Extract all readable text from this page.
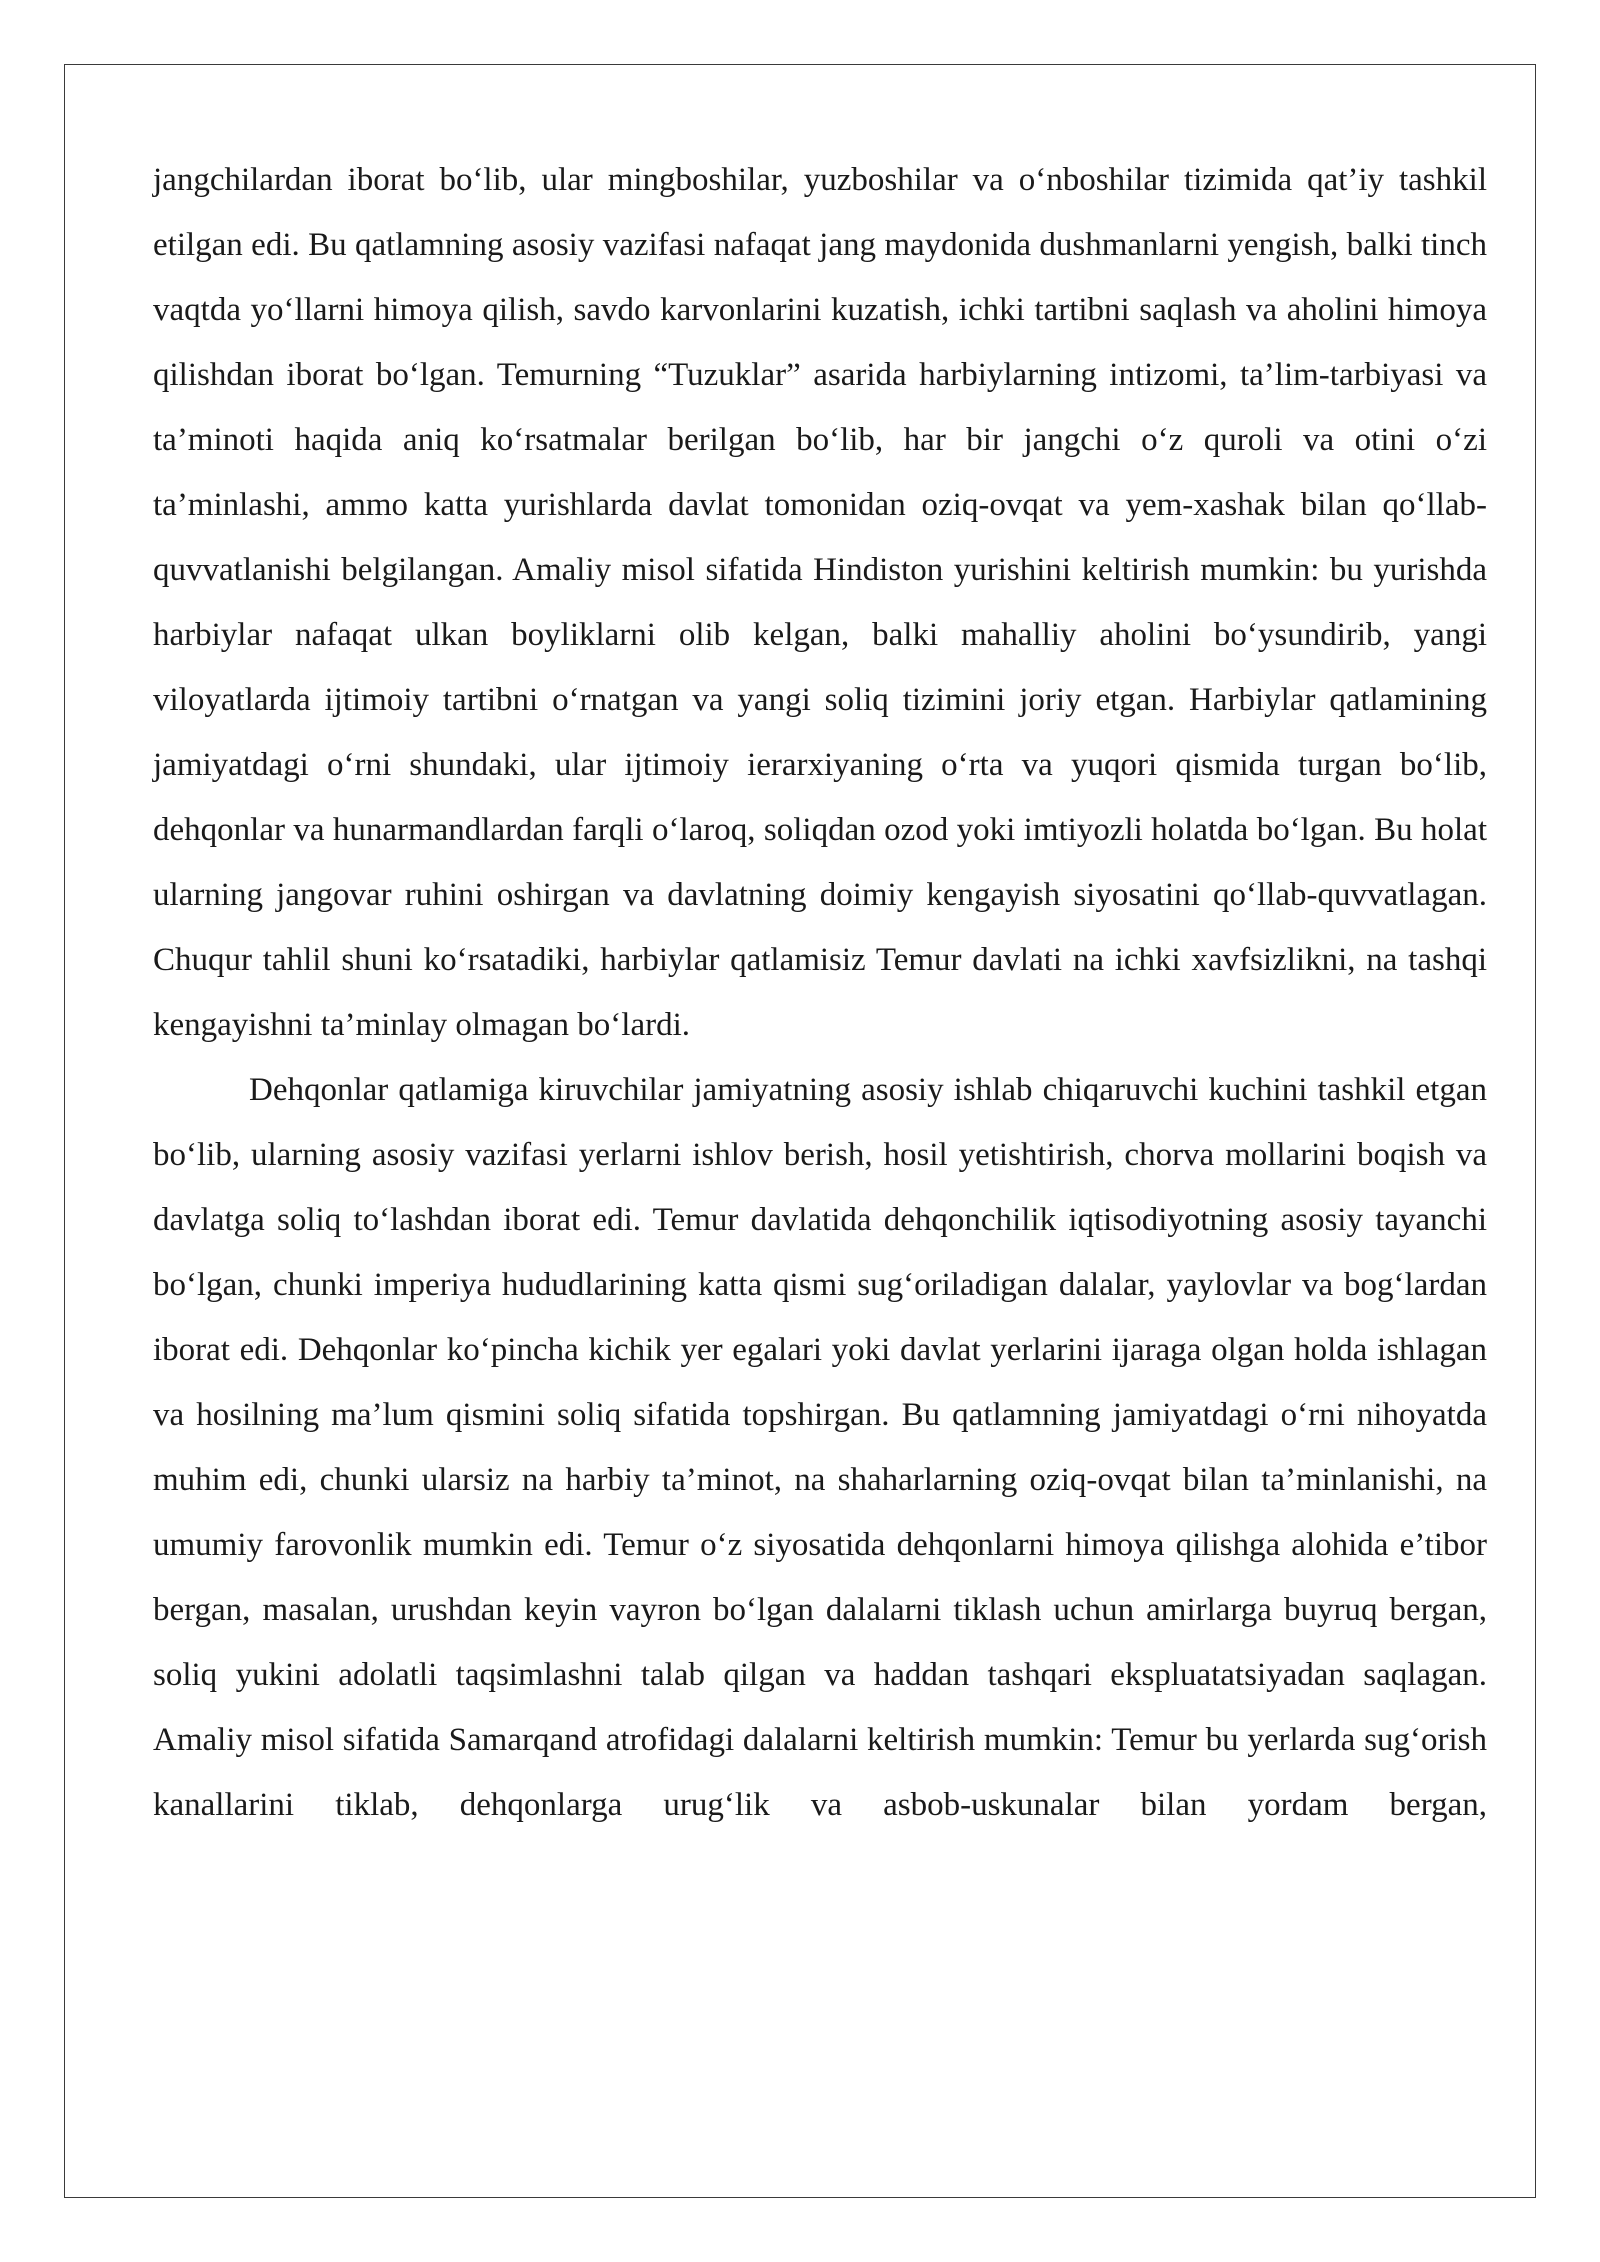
jangchilardan iborat bo‘lib, ular mingboshilar, yuzboshilar va o‘nboshilar tizimida qat’iy tashkil etilgan edi. Bu qatlamning asosiy vazifasi nafaqat jang maydonida dushmanlarni yengish, balki tinch vaqtda yo‘llarni himoya qilish, savdo karvonlarini kuzatish, ichki tartibni saqlash va aholini himoya qilishdan iborat bo‘lgan. Temurning “Tuzuklar” asarida harbiylarning intizomi, ta’lim-tarbiyasi va ta’minoti haqida aniq ko‘rsatmalar berilgan bo‘lib, har bir jangchi o‘z quroli va otini o‘zi ta’minlashi, ammo katta yurishlarda davlat tomonidan oziq-ovqat va yem-xashak bilan qo‘llab-quvvatlanishi belgilangan. Amaliy misol sifatida Hindiston yurishini keltirish mumkin: bu yurishda harbiylar nafaqat ulkan boyliklarni olib kelgan, balki mahalliy aholini bo‘ysundirib, yangi viloyatlarda ijtimoiy tartibni o‘rnatgan va yangi soliq tizimini joriy etgan. Harbiylar qatlamining jamiyatdagi o‘rni shundaki, ular ijtimoiy ierarxiyaning o‘rta va yuqori qismida turgan bo‘lib, dehqonlar va hunarmandlardan farqli o‘laroq, soliqdan ozod yoki imtiyozli holatda bo‘lgan. Bu holat ularning jangovar ruhini oshirgan va davlatning doimiy kengayish siyosatini qo‘llab-quvvatlagan. Chuqur tahlil shuni ko‘rsatadiki, harbiylar qatlamisiz Temur davlati na ichki xavfsizlikni, na tashqi kengayishni ta’minlay olmagan bo‘lardi.

Dehqonlar qatlamiga kiruvchilar jamiyatning asosiy ishlab chiqaruvchi kuchini tashkil etgan bo‘lib, ularning asosiy vazifasi yerlarni ishlov berish, hosil yetishtirish, chorva mollarini boqish va davlatga soliq to‘lashdan iborat edi. Temur davlatida dehqonchilik iqtisodiyotning asosiy tayanchi bo‘lgan, chunki imperiya hududlarining katta qismi sug‘oriladigan dalalar, yaylovlar va bog‘lardan iborat edi. Dehqonlar ko‘pincha kichik yer egalari yoki davlat yerlarini ijaraga olgan holda ishlagan va hosilning ma’lum qismini soliq sifatida topshirgan. Bu qatlamning jamiyatdagi o‘rni nihoyatda muhim edi, chunki ularsiz na harbiy ta’minot, na shaharlarning oziq-ovqat bilan ta’minlanishi, na umumiy farovonlik mumkin edi. Temur o‘z siyosatida dehqonlarni himoya qilishga alohida e’tibor bergan, masalan, urushdan keyin vayron bo‘lgan dalalarni tiklash uchun amirlarga buyruq bergan, soliq yukini adolatli taqsimlashni talab qilgan va haddan tashqari ekspluatatsiyadan saqlagan. Amaliy misol sifatida Samarqand atrofidagi dalalarni keltirish mumkin: Temur bu yerlarda sug‘orish kanallarini tiklab, dehqonlarga urug‘lik va asbob-uskunalar bilan yordam bergan,
